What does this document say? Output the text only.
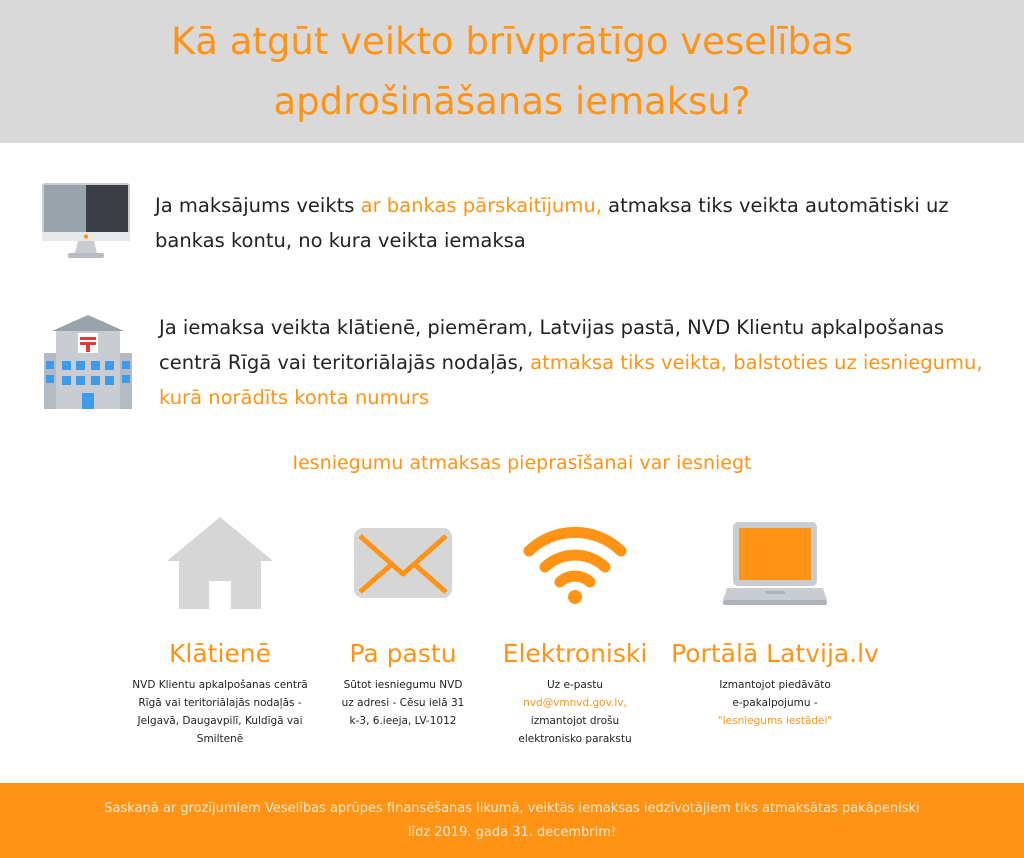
Kā atgūt veikto brīvprātīgo veselības apdrošināšanas iemaksu?

Ja maksājums veikts ar bankas pārskaitījumu, atmaksa tiks veikta automātiski uz bankas kontu, no kura veikta iemaksa

Ja iemaksa veikta klātienē, piemēram, Latvijas pastā, NVD Klientu apkalpošanas centrā Rīgā vai teritoriālajās nodaļās, atmaksa tiks veikta, balstoties uz iesniegumu, kurā norādīts konta numurs

Iesniegumu atmaksas pieprasīšanai var iesniegt
Klātienē
NVD Klientu apkalpošanas centrā
Rīgā vai teritoriālajās nodaļās -
Jelgavā, Daugavpilī, Kuldīgā vai
Smiltenē
Pa pastu
Sūtot iesniegumu NVD
uz adresi - Cēsu ielā 31
k-3, 6.ieeja, LV-1012
Elektroniski
Uz e-pastu
nvd@vmnvd.gov.lv,
izmantojot drošu
elektronisko parakstu
Portālā Latvija.lv
Izmantojot piedāvāto
e-pakalpojumu -
"Iesniegums iestādei"
Saskaņā ar grozījumiem Veselības aprūpes finansēšanas likumā, veiktās iemaksas iedzīvotājiem tiks atmaksātas pakāpeniski
līdz 2019. gada 31. decembrim!
